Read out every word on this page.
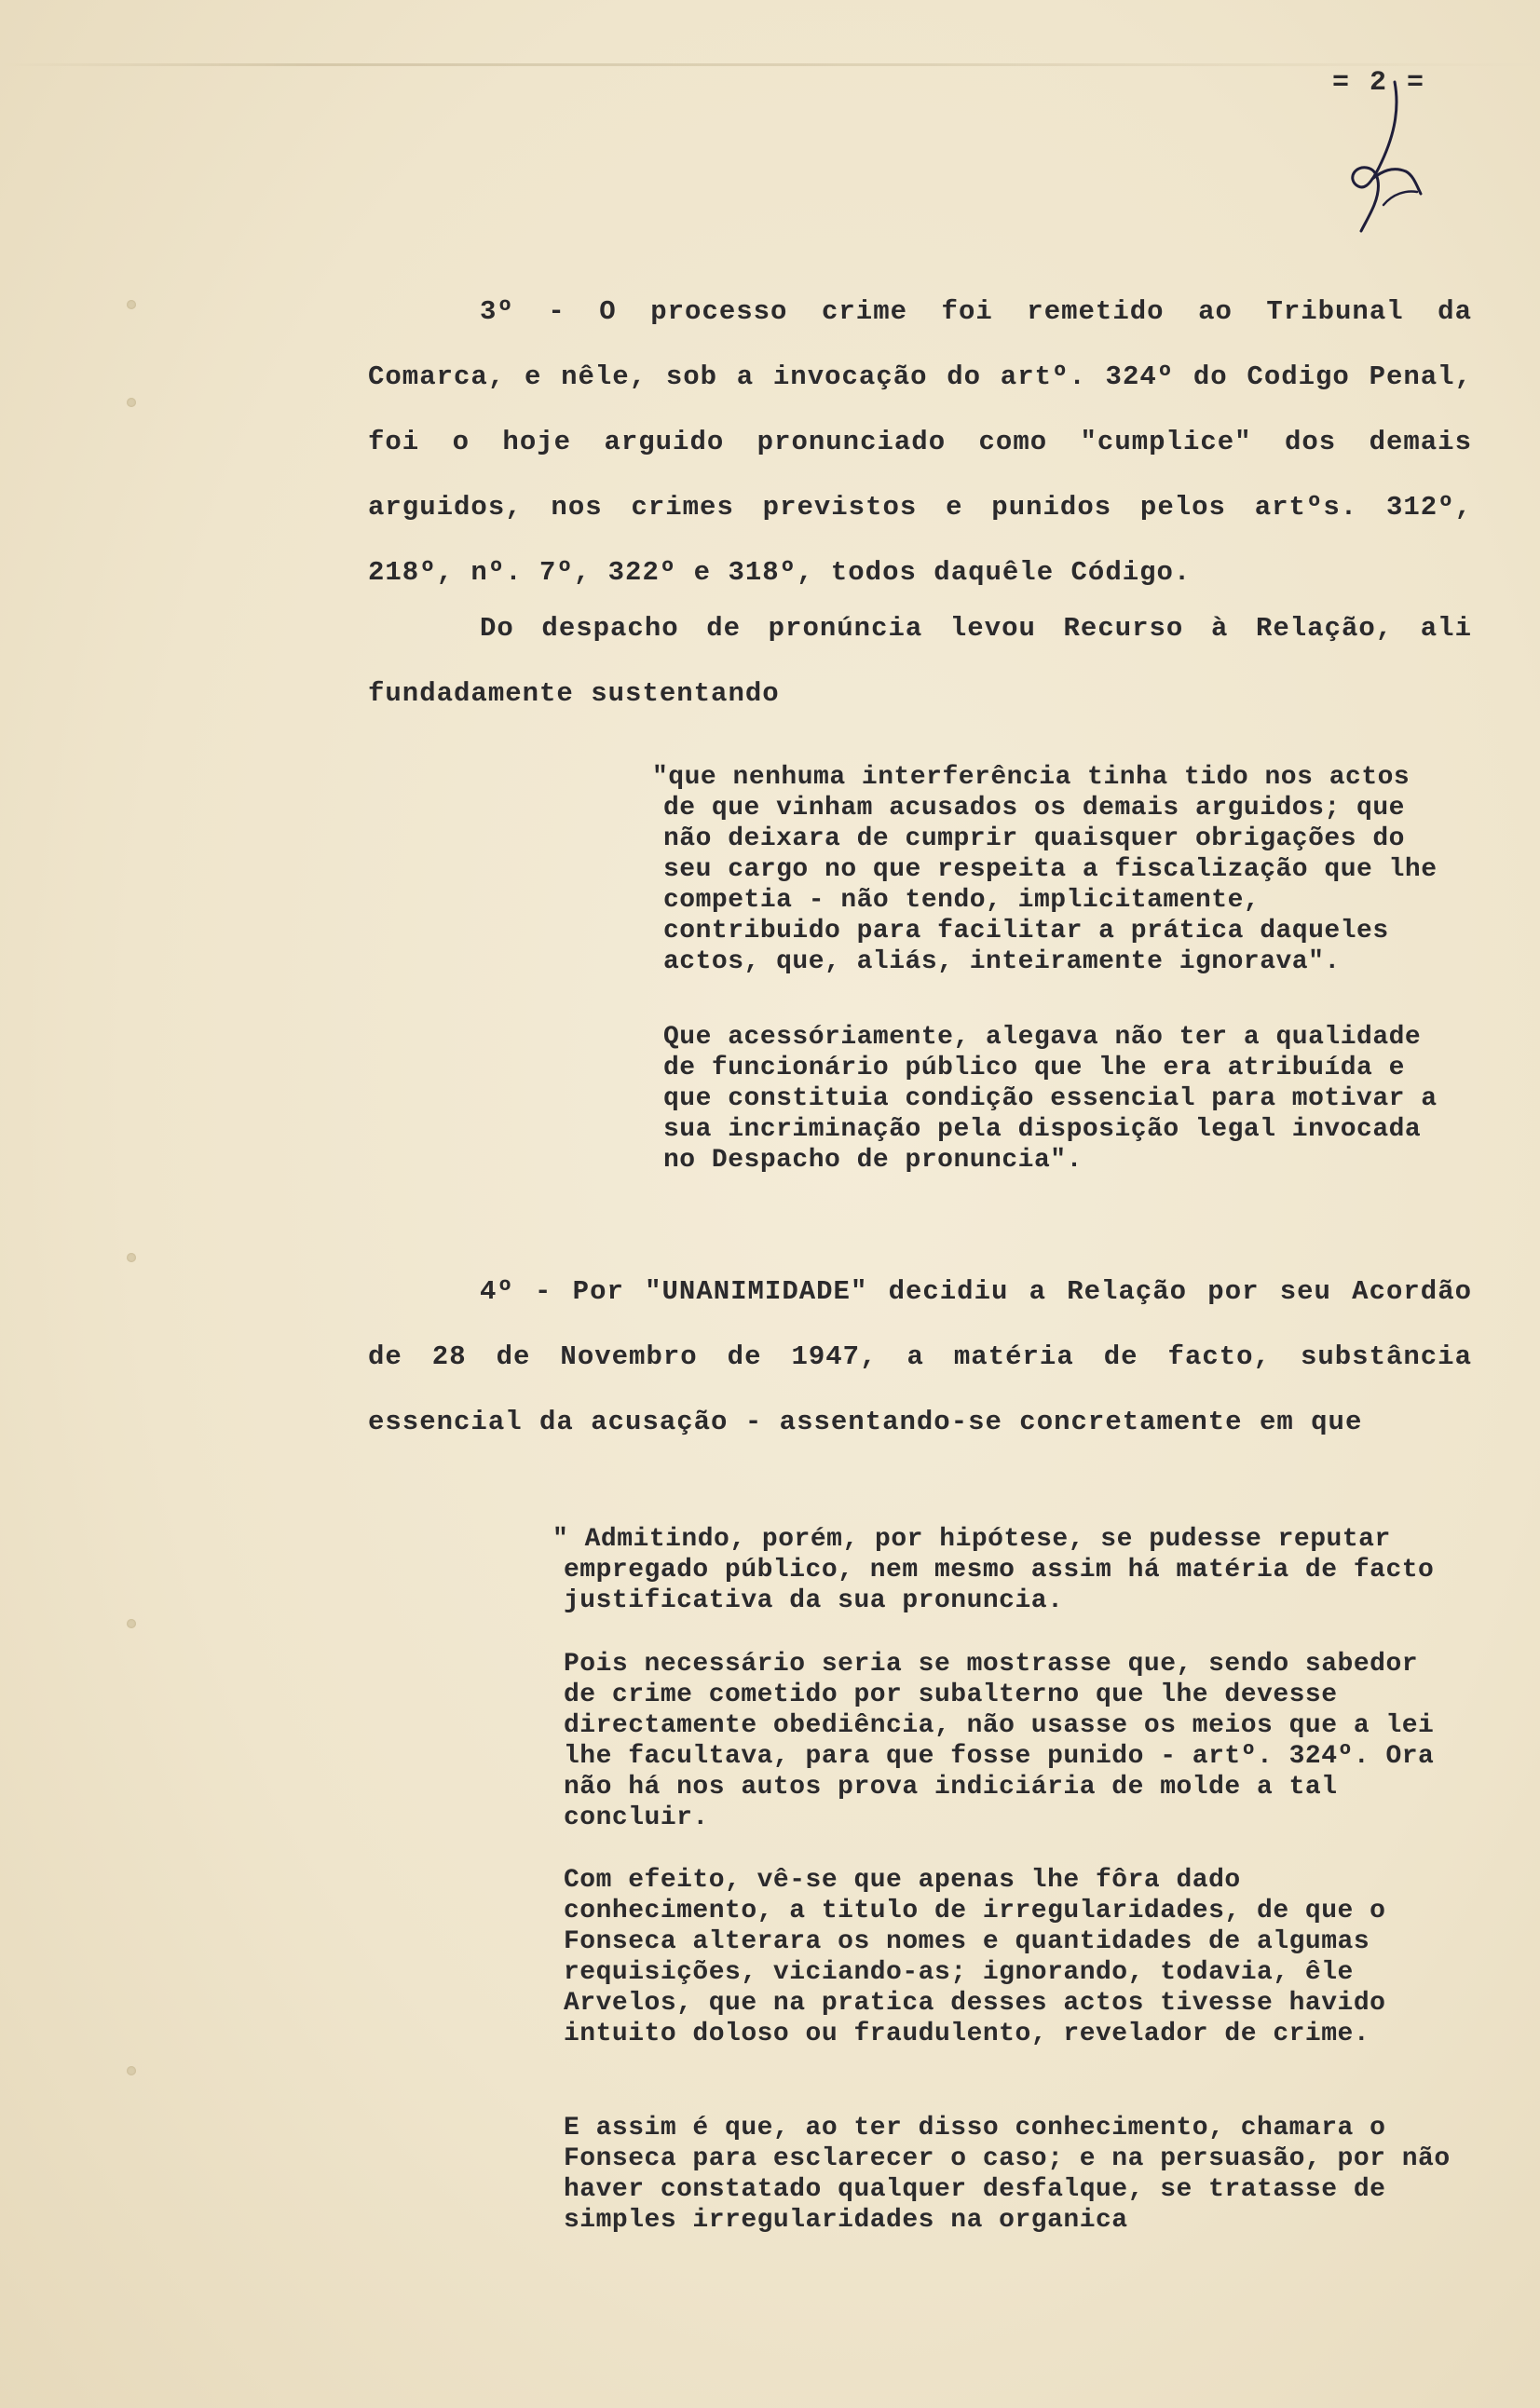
= 2 =

3º - O processo crime foi remetido ao Tribunal da Comarca, e nêle, sob a invocação do artº. 324º do Codigo Penal, foi o hoje arguido pronunciado como "cumplice" dos demais arguidos, nos crimes previstos e punidos pelos artºs. 312º, 218º, nº. 7º, 322º e 318º, todos daquêle Código.

Do despacho de pronúncia levou Recurso à Relação, ali fundadamente sustentando

"que nenhuma interferência tinha tido nos actos de que vinham acusados os demais arguidos; que não deixara de cumprir quaisquer obrigações do seu cargo no que respeita a fiscalização que lhe competia - não tendo, implicitamente, contribuido para facilitar a prática daqueles actos, que, aliás, inteiramente ignorava".

Que acessóriamente, alegava não ter a qualidade de funcionário público que lhe era atribuída e que constituia condição essencial para motivar a sua incriminação pela disposição legal invocada no Despacho de pronuncia".

4º - Por "UNANIMIDADE" decidiu a Relação por seu Acordão de 28 de Novembro de 1947, a matéria de facto, substância essencial da acusação - assentando-se concretamente em que

" Admitindo, porém, por hipótese, se pudesse reputar empregado público, nem mesmo assim há matéria de facto justificativa da sua pronuncia.

Pois necessário seria se mostrasse que, sendo sabedor de crime cometido por subalterno que lhe devesse directamente obediência, não usasse os meios que a lei lhe facultava, para que fosse punido - artº. 324º. Ora não há nos autos prova indiciária de molde a tal concluir.

Com efeito, vê-se que apenas lhe fôra dado conhecimento, a titulo de irregularidades, de que o Fonseca alterara os nomes e quantidades de algumas requisições, viciando-as; ignorando, todavia, êle Arvelos, que na pratica desses actos tivesse havido intuito doloso ou fraudulento, revelador de crime.

E assim é que, ao ter disso conhecimento, chamara o Fonseca para esclarecer o caso; e na persuasão, por não haver constatado qualquer desfalque, se tratasse de simples irregularidades na organica
